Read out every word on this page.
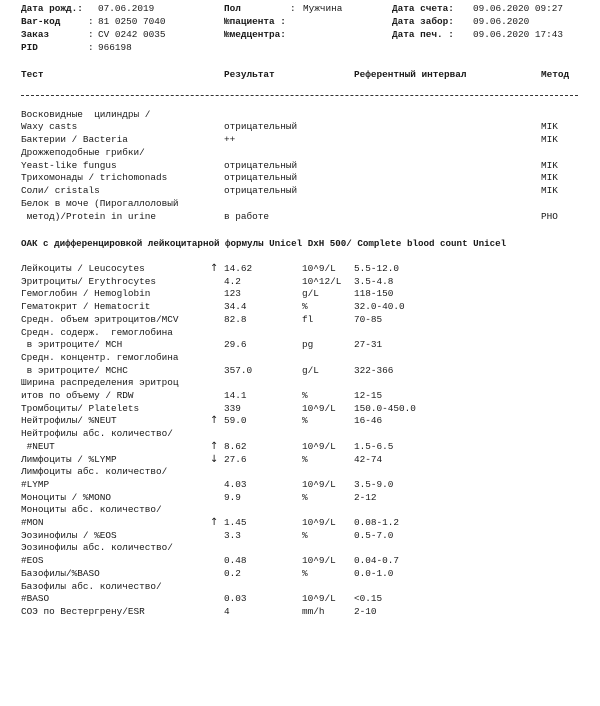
Дата рожд.: 07.06.2019
Bar-код	: 81 0250 7040
Заказ	: CV 0242 0035
PID	: 966198
Пол	: Мужчина
№пациента :
№медцентра:
Дата счета: 09.06.2020 09:27
Дата забор: 09.06.2020
Дата печ. : 09.06.2020 17:43
Тест	Результат	Референтный интервал	Метод
Восковидные  цилиндры /
Waxy casts	отрицательный	MIK
Бактерии / Bacteria	++	MIK
Дрожжеподобные грибки/
Yeast-like fungus	отрицательный	MIK
Трихомонады / trichomonads	отрицательный	MIK
Соли/ cristals	отрицательный	MIK
Белок в моче (Пирогаллоловый
метод)/Protein in urine	в работе	PHO
ОАК с дифференцировкой лейкоцитарной формулы Unicel DxH 500/ Complete blood count Unicel
Лейкоциты / Leucocytes	↑ 14.62	10^9/L 5.5-12.0
Эритроциты/ Erythrocytes	4.2	10^12/L 3.5-4.8
Гемоглобин / Hemoglobin	123	g/L	118-150
Гематокрит / Hematocrit	34.4	%	32.0-40.0
Средн. объем эритроцитов/MCV	82.8	fl	70-85
Средн. содерж.  гемоглобина
в эритроците/ MCH	29.6	pg	27-31
Средн. концентр. гемоглобина
в эритроците/ MCHC	357.0	g/L	322-366
Ширина распределения эритроц
итов по объему / RDW	14.1	%	12-15
Тромбоциты/ Platelets	339	10^9/L 150.0-450.0
Нейтрофилы/ %NEUT	↑ 59.0	%	16-46
Нейтрофилы абс. количество/
#NEUT	↑ 8.62	10^9/L 1.5-6.5
Лимфоциты / %LYMP	↓ 27.6	%	42-74
Лимфоциты абс. количество/
#LYMP	4.03	10^9/L 3.5-9.0
Моноциты / %MONO	9.9	%	2-12
Моноциты абс. количество/
#MON	↑ 1.45	10^9/L 0.08-1.2
Эозинофилы / %EOS	3.3	%	0.5-7.0
Эозинофилы абс. количество/
#EOS	0.48	10^9/L 0.04-0.7
Базофилы/%BASO	0.2	%	0.0-1.0
Базофилы абс. количество/
#BASO	0.03	10^9/L <0.15
СОЭ по Вестергрену/ESR	4	mm/h	2-10
